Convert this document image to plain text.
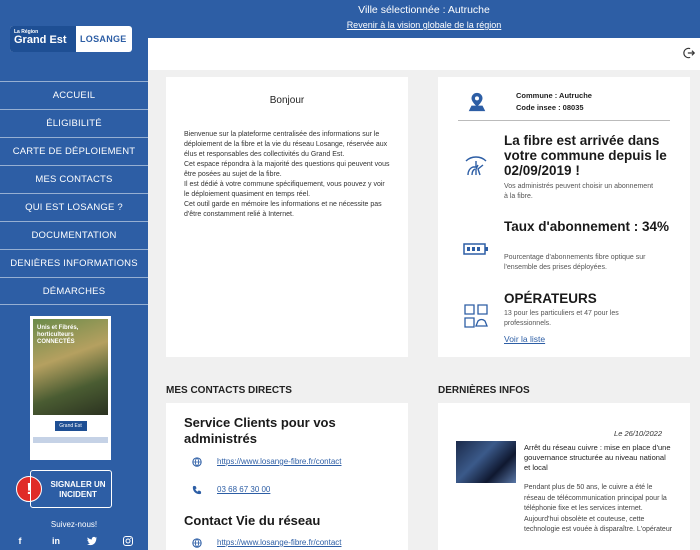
La Région
Grand Est	LOSANGE
ACCUEIL
ÉLIGIBILITÉ
CARTE DE DÉPLOIEMENT
MES CONTACTS
QUI EST LOSANGE ?
DOCUMENTATION
DENIÈRES INFORMATIONS
DÉMARCHES
Unis et Fibrés, horticulteurs CONNECTÉS
Grand Est
!	SIGNALER UN INCIDENT
Suivez-nous!
f	in
Ville sélectionnée : Autruche
Revenir à la vision globale de la région
Bonjour

Bienvenue sur la plateforme centralisée des informations sur le déploiement de la fibre et la vie du réseau Losange, réservée aux élus et responsables des collectivités du Grand Est.

Cet espace répondra à la majorité des questions qui peuvent vous être posées au sujet de la fibre.

Il est dédié à votre commune spécifiquement, vous pouvez y voir le déploiement quasiment en temps réel.

Cet outil garde en mémoire les informations et ne nécessite pas d'être constamment relié à Internet.

Commune : Autruche
Code insee : 08035
La fibre est arrivée dans votre commune depuis le 02/09/2019 !
Vos administrés peuvent choisir un abonnement à la fibre.
Taux d'abonnement : 34%
Pourcentage d'abonnements fibre optique sur l'ensemble des prises déployées.
OPÉRATEURS
13 pour les particuliers et 47 pour les professionnels.
Voir la liste
MES CONTACTS DIRECTS
Service Clients pour vos administrés
https://www.losange-fibre.fr/contact
03 68 67 30 00
Contact Vie du réseau
https://www.losange-fibre.fr/contact
DERNIÈRES INFOS
Le 26/10/2022
Arrêt du réseau cuivre : mise en place d'une gouvernance structurée au niveau national et local
Pendant plus de 50 ans, le cuivre a été le réseau de télécommunication principal pour la téléphonie fixe et les services internet. Aujourd'hui obsolète et couteuse, cette technologie est vouée à disparaître. L'opérateur
